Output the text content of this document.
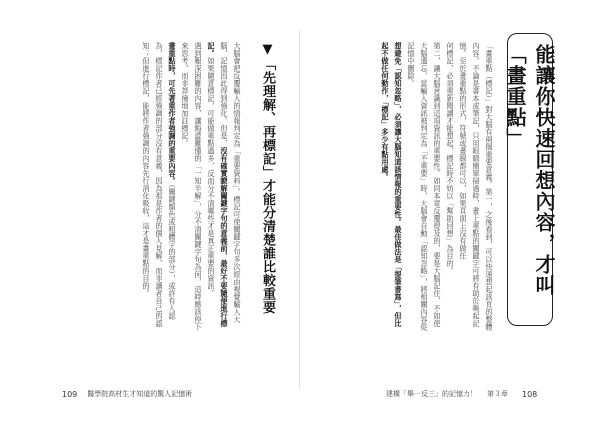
能讓你快速回想內容，才叫「畫重點」

「畫重點（標記）」對大腦有兩個重要意義。第一，之後看到，可以快速想起該頁的整體內容。不論是書本或筆記，只用眼睛簡單掃過時，畫上重點的關鍵字可將有助於喚起記憶。至於畫重點的形式，符號或畫線都可以，如果頁面上沒有做任

何標記，必須重新閱讀才能想起，標記時不妨以「幫助回想」為目的。

第二，讓大腦意識到這項資訊的重要性。如同本章反覆提及的，要是大腦記住，不如使大腦遺忘，當輸入資訊被判定為「不重要」時，大腦會自動「認知忽略」，將相關內容從記憶中刪除。

想避免「認知忽略」，必須讓大腦知道該情報的重要性。最佳做法是「提筆書寫」，但比起不做任何動作，「標記」多少有點用處。

▼「先理解、再標記」才能分清楚誰比較重要

大腦會把反覆輸入的情報判定為「重要資料」。標記可使關鍵字句多次經由視覺輸入大腦，記憶因此得到強化。但是，沒有確實瞭解關鍵字句的意義前，最好不要隨便進行標記。如果隨意標記，可能做重點過多，反而分不清哪些才是真正重要的資訊。

遇到艱深困難的內容，讓晦澀難懂的「一知半解」，分不清關鍵字句為何，這時應該停下來思考，而非莽撞地加註標記。

畫重點時，可先著重作者強調的重要內容。（關鍵顏色或粗體字的部分），或許有人認為，標記作者已經強調的部分沒有意義，因為那是作者的個人見解，而非讀者自己的認知；但進行標記，能將作者強調的內容先行消化吸收，這才是畫重點的目的。

109 醫學院高材生才知道的驚人記憶術	建構「舉一反三」的記憶力！ 第３章 108
